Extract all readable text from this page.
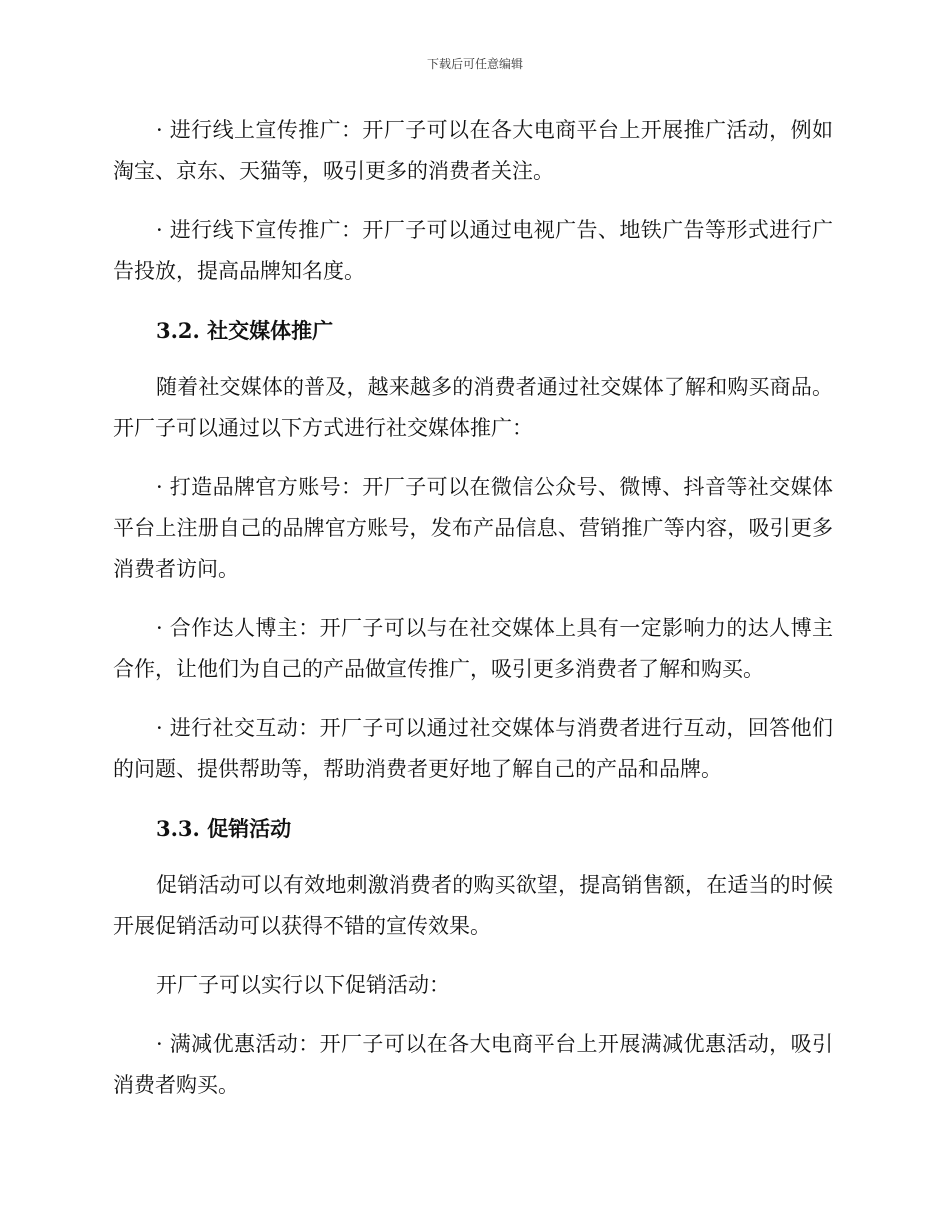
下载后可任意编辑

· 进行线上宣传推广：开厂子可以在各大电商平台上开展推广活动，例如淘宝、京东、天猫等，吸引更多的消费者关注。

· 进行线下宣传推广：开厂子可以通过电视广告、地铁广告等形式进行广告投放，提高品牌知名度。

3.2. 社交媒体推广

随着社交媒体的普及，越来越多的消费者通过社交媒体了解和购买商品。开厂子可以通过以下方式进行社交媒体推广：

· 打造品牌官方账号：开厂子可以在微信公众号、微博、抖音等社交媒体平台上注册自己的品牌官方账号，发布产品信息、营销推广等内容，吸引更多消费者访问。

· 合作达人博主：开厂子可以与在社交媒体上具有一定影响力的达人博主合作，让他们为自己的产品做宣传推广，吸引更多消费者了解和购买。

· 进行社交互动：开厂子可以通过社交媒体与消费者进行互动，回答他们的问题、提供帮助等，帮助消费者更好地了解自己的产品和品牌。

3.3. 促销活动

促销活动可以有效地刺激消费者的购买欲望，提高销售额，在适当的时候开展促销活动可以获得不错的宣传效果。

开厂子可以实行以下促销活动：

· 满减优惠活动：开厂子可以在各大电商平台上开展满减优惠活动，吸引消费者购买。
